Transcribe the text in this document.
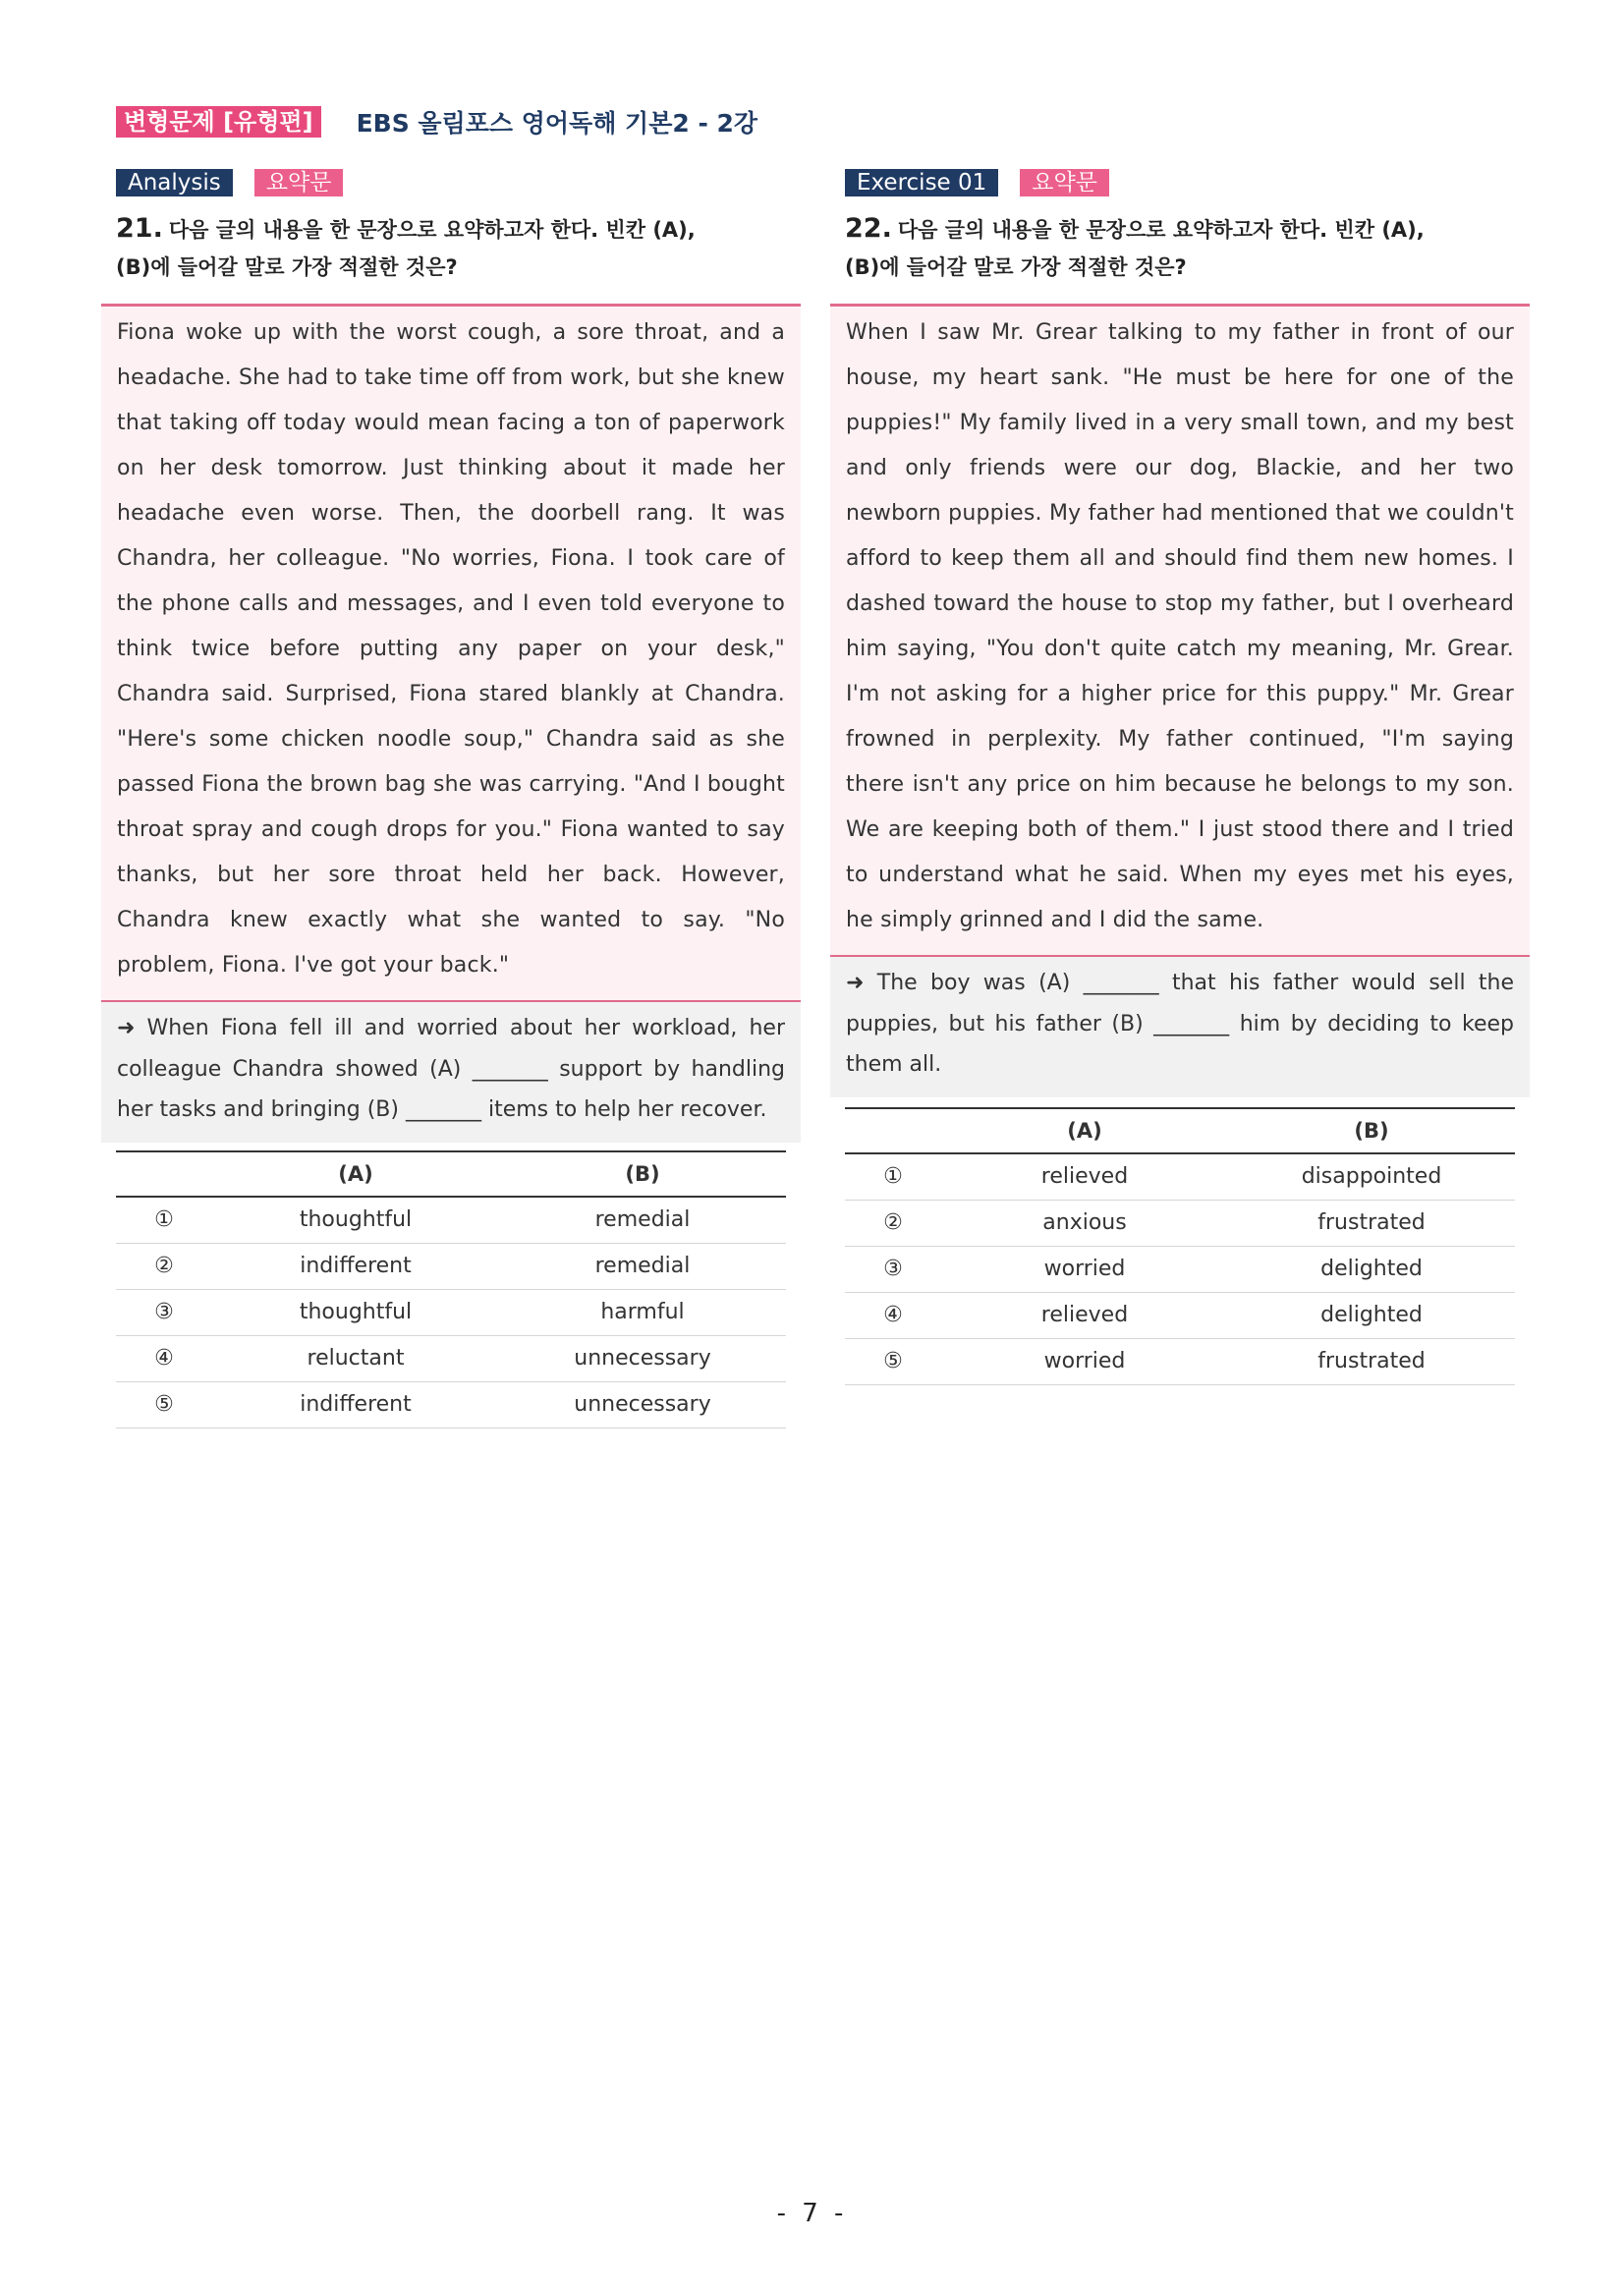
변형문제 [유형편]	EBS 올림포스 영어독해 기본2 - 2강
Analysis	요약문
21. 다음 글의 내용을 한 문장으로 요약하고자 한다. 빈칸 (A),
(B)에 들어갈 말로 가장 적절한 것은?
Fiona woke up with the worst cough, a sore throat, and a headache. She had to take time off from work, but she knew that taking off today would mean facing a ton of paperwork on her desk tomorrow. Just thinking about it made her headache even worse. Then, the doorbell rang. It was Chandra, her colleague. "No worries, Fiona. I took care of the phone calls and messages, and I even told everyone to think twice before putting any paper on your desk," Chandra said. Surprised, Fiona stared blankly at Chandra. "Here's some chicken noodle soup," Chandra said as she passed Fiona the brown bag she was carrying. "And I bought throat spray and cough drops for you." Fiona wanted to say thanks, but her sore throat held her back. However, Chandra knew exactly what she wanted to say. "No problem, Fiona. I've got your back."
➜ When Fiona fell ill and worried about her workload, her colleague Chandra showed (A) _______ support by handling her tasks and bringing (B) _______ items to help her recover.
	(A)	(B)
①	thoughtful	remedial
②	indifferent	remedial
③	thoughtful	harmful
④	reluctant	unnecessary
⑤	indifferent	unnecessary
Exercise 01	요약문
22. 다음 글의 내용을 한 문장으로 요약하고자 한다. 빈칸 (A),
(B)에 들어갈 말로 가장 적절한 것은?
When I saw Mr. Grear talking to my father in front of our house, my heart sank. "He must be here for one of the puppies!" My family lived in a very small town, and my best and only friends were our dog, Blackie, and her two newborn puppies. My father had mentioned that we couldn't afford to keep them all and should find them new homes. I dashed toward the house to stop my father, but I overheard him saying, "You don't quite catch my meaning, Mr. Grear. I'm not asking for a higher price for this puppy." Mr. Grear frowned in perplexity. My father continued, "I'm saying there isn't any price on him because he belongs to my son. We are keeping both of them." I just stood there and I tried to understand what he said. When my eyes met his eyes, he simply grinned and I did the same.
➜ The boy was (A) _______ that his father would sell the puppies, but his father (B) _______ him by deciding to keep them all.
	(A)	(B)
①	relieved	disappointed
②	anxious	frustrated
③	worried	delighted
④	relieved	delighted
⑤	worried	frustrated
- 7 -
